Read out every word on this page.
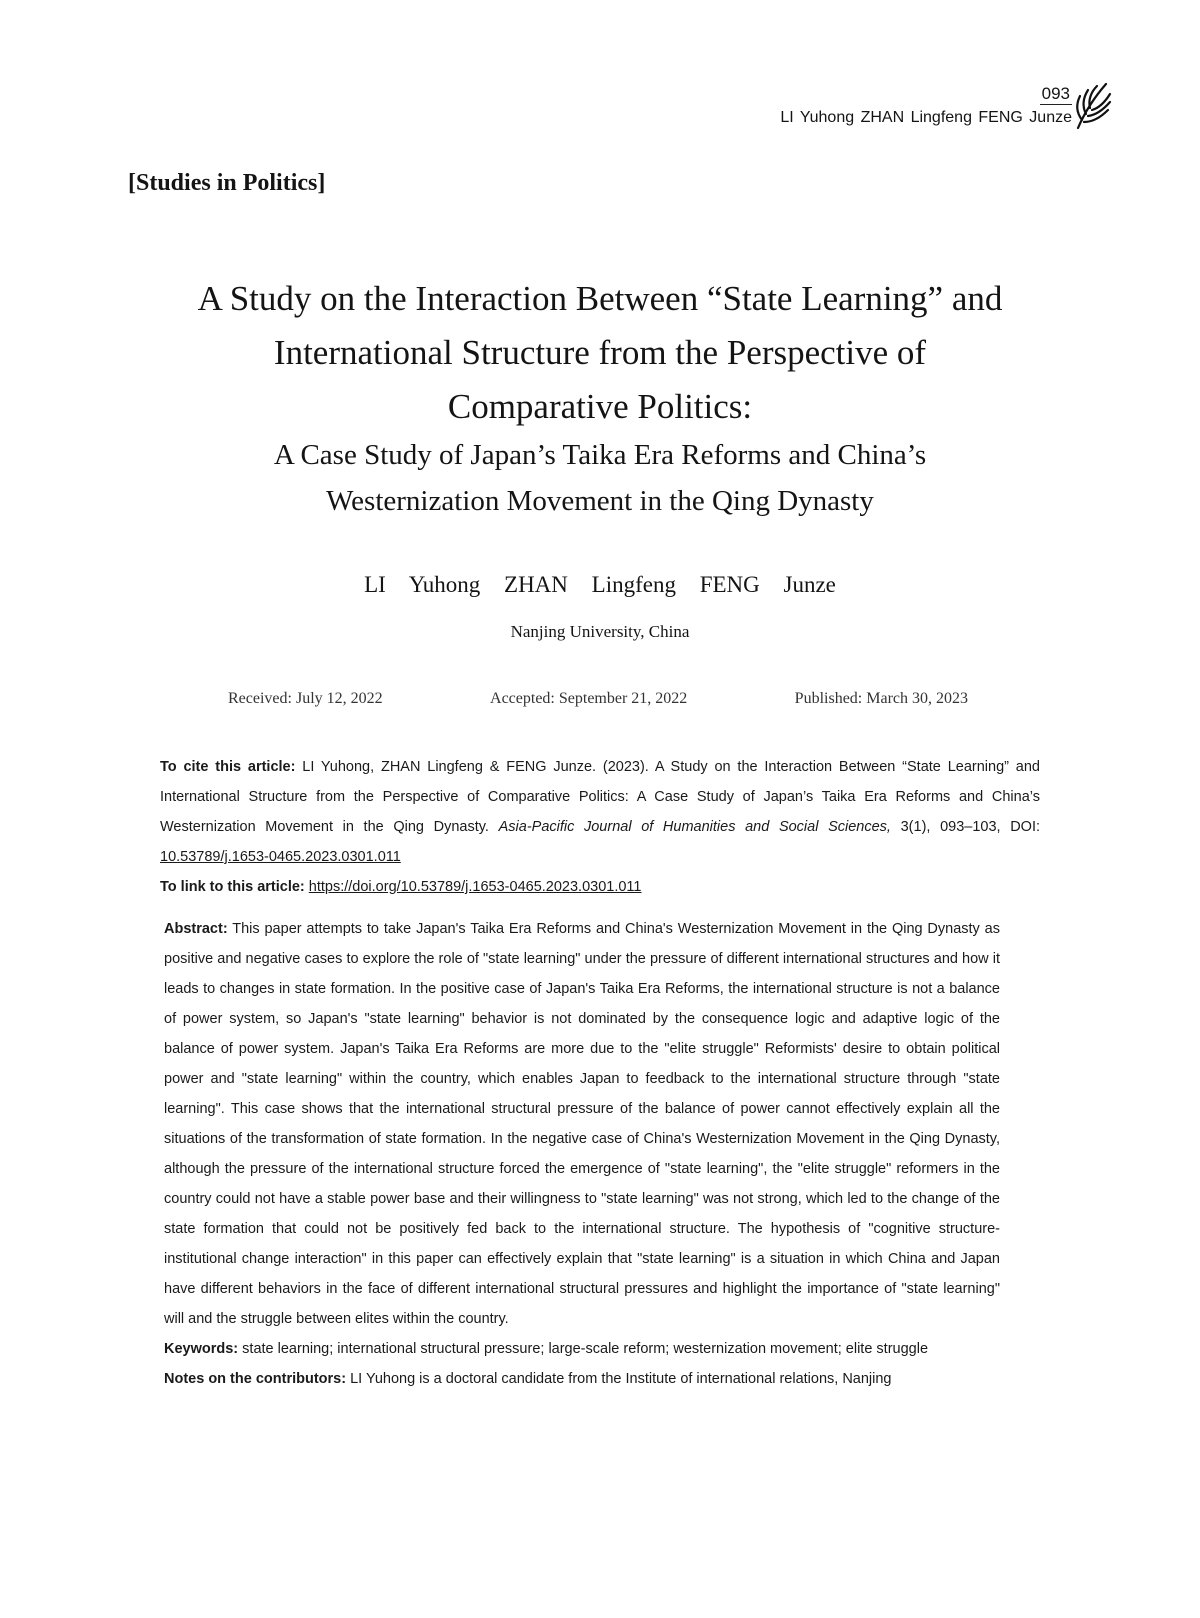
093
LI Yuhong ZHAN Lingfeng FENG Junze
[Studies in Politics]
A Study on the Interaction Between “State Learning” and
International Structure from the Perspective of
Comparative Politics:
A Case Study of Japan’s Taika Era Reforms and China’s
Westernization Movement in the Qing Dynasty
LI Yuhong ZHAN Lingfeng FENG Junze
Nanjing University, China
Received: July 12, 2022	Accepted: September 21, 2022	Published: March 30, 2023
To cite this article: LI Yuhong, ZHAN Lingfeng & FENG Junze. (2023). A Study on the Interaction Between “State Learning” and International Structure from the Perspective of Comparative Politics: A Case Study of Japan’s Taika Era Reforms and China’s Westernization Movement in the Qing Dynasty. Asia-Pacific Journal of Humanities and Social Sciences, 3(1), 093–103, DOI: 10.53789/j.1653-0465.2023.0301.011
To link to this article: https://doi.org/10.53789/j.1653-0465.2023.0301.011

Abstract: This paper attempts to take Japan's Taika Era Reforms and China's Westernization Movement in the Qing Dynasty as positive and negative cases to explore the role of "state learning" under the pressure of different international structures and how it leads to changes in state formation. In the positive case of Japan's Taika Era Reforms, the international structure is not a balance of power system, so Japan's "state learning" behavior is not dominated by the consequence logic and adaptive logic of the balance of power system. Japan's Taika Era Reforms are more due to the "elite struggle" Reformists' desire to obtain political power and "state learning" within the country, which enables Japan to feedback to the international structure through "state learning". This case shows that the international structural pressure of the balance of power cannot effectively explain all the situations of the transformation of state formation. In the negative case of China's Westernization Movement in the Qing Dynasty, although the pressure of the international structure forced the emergence of "state learning", the "elite struggle" reformers in the country could not have a stable power base and their willingness to "state learning" was not strong, which led to the change of the state formation that could not be positively fed back to the international structure. The hypothesis of "cognitive structure-institutional change interaction" in this paper can effectively explain that "state learning" is a situation in which China and Japan have different behaviors in the face of different international structural pressures and highlight the importance of "state learning" will and the struggle between elites within the country.

Keywords: state learning; international structural pressure; large-scale reform; westernization movement; elite struggle

Notes on the contributors: LI Yuhong is a doctoral candidate from the Institute of international relations, Nanjing
